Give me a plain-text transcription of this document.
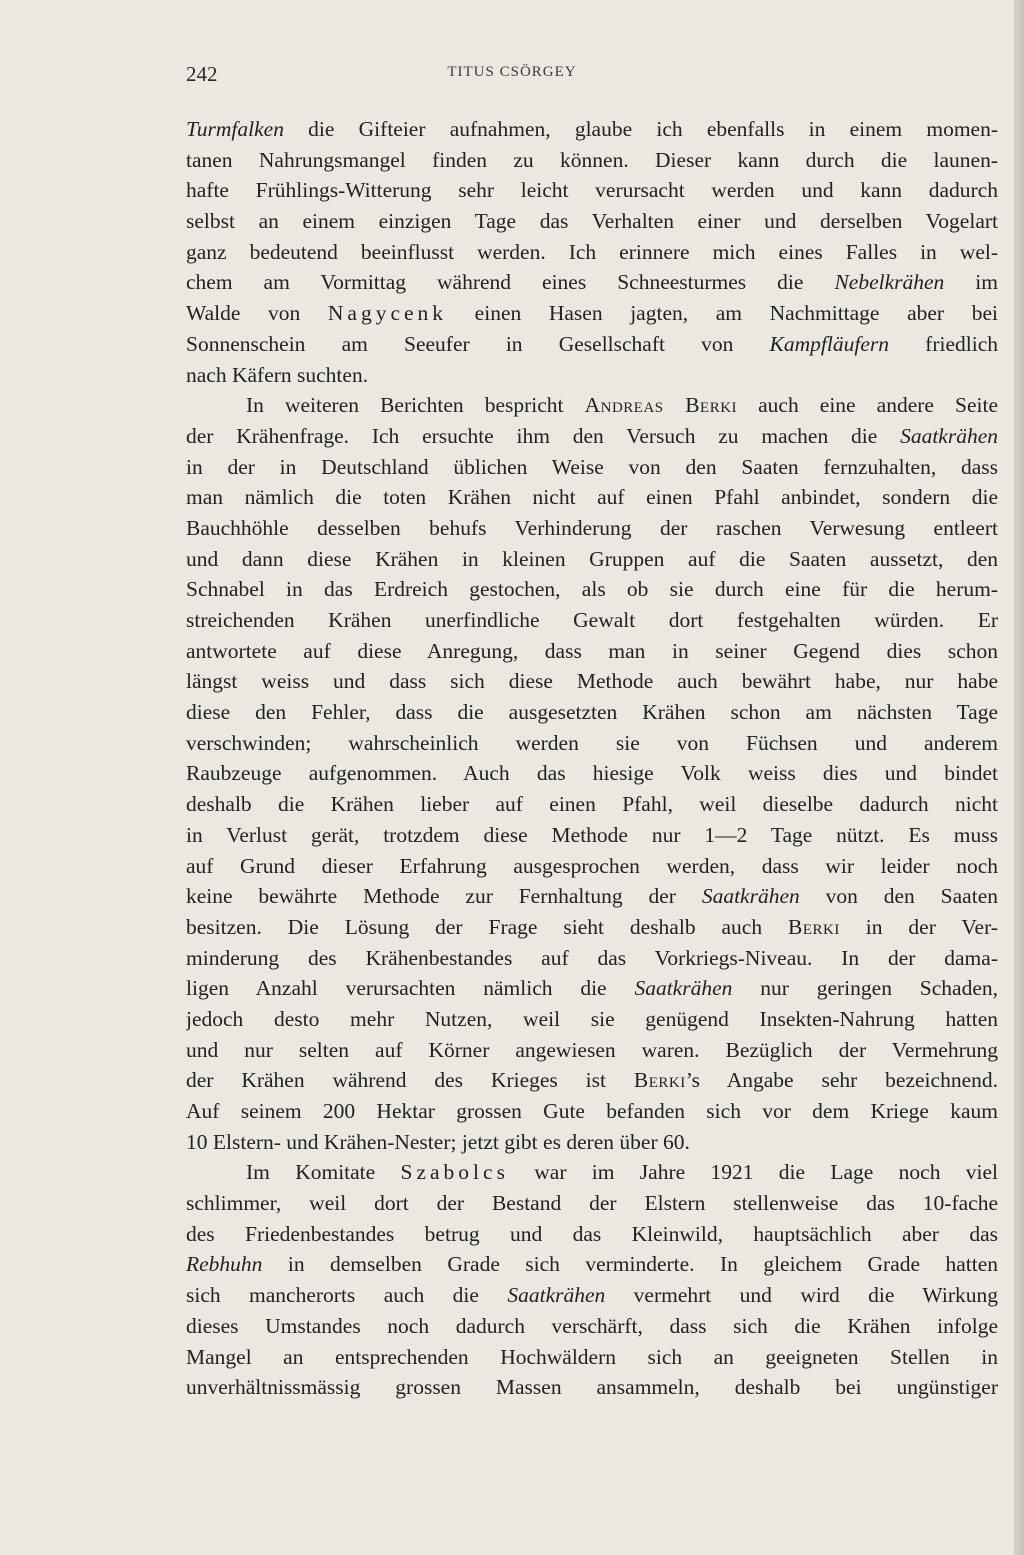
242	TITUS CSÖRGEY
Turmfalken die Gifteier aufnahmen, glaube ich ebenfalls in einem momen-
tanen Nahrungsmangel finden zu können. Dieser kann durch die launen-
hafte Frühlings-Witterung sehr leicht verursacht werden und kann dadurch
selbst an einem einzigen Tage das Verhalten einer und derselben Vogelart
ganz bedeutend beeinflusst werden. Ich erinnere mich eines Falles in wel-
chem am Vormittag während eines Schneesturmes die Nebelkrähen im
Walde von Nagycenk einen Hasen jagten, am Nachmittage aber bei
Sonnenschein am Seeufer in Gesellschaft von Kampfläufern friedlich
nach Käfern suchten.
In weiteren Berichten bespricht Andreas Berki auch eine andere Seite
der Krähenfrage. Ich ersuchte ihm den Versuch zu machen die Saatkrähen
in der in Deutschland üblichen Weise von den Saaten fernzuhalten, dass
man nämlich die toten Krähen nicht auf einen Pfahl anbindet, sondern die
Bauchhöhle desselben behufs Verhinderung der raschen Verwesung entleert
und dann diese Krähen in kleinen Gruppen auf die Saaten aussetzt, den
Schnabel in das Erdreich gestochen, als ob sie durch eine für die herum-
streichenden Krähen unerfindliche Gewalt dort festgehalten würden. Er
antwortete auf diese Anregung, dass man in seiner Gegend dies schon
längst weiss und dass sich diese Methode auch bewährt habe, nur habe
diese den Fehler, dass die ausgesetzten Krähen schon am nächsten Tage
verschwinden; wahrscheinlich werden sie von Füchsen und anderem
Raubzeuge aufgenommen. Auch das hiesige Volk weiss dies und bindet
deshalb die Krähen lieber auf einen Pfahl, weil dieselbe dadurch nicht
in Verlust gerät, trotzdem diese Methode nur 1—2 Tage nützt. Es muss
auf Grund dieser Erfahrung ausgesprochen werden, dass wir leider noch
keine bewährte Methode zur Fernhaltung der Saatkrähen von den Saaten
besitzen. Die Lösung der Frage sieht deshalb auch Berki in der Ver-
minderung des Krähenbestandes auf das Vorkriegs-Niveau. In der dama-
ligen Anzahl verursachten nämlich die Saatkrähen nur geringen Schaden,
jedoch desto mehr Nutzen, weil sie genügend Insekten-Nahrung hatten
und nur selten auf Körner angewiesen waren. Bezüglich der Vermehrung
der Krähen während des Krieges ist Berki’s Angabe sehr bezeichnend.
Auf seinem 200 Hektar grossen Gute befanden sich vor dem Kriege kaum
10 Elstern- und Krähen-Nester; jetzt gibt es deren über 60.
Im Komitate Szabolcs war im Jahre 1921 die Lage noch viel
schlimmer, weil dort der Bestand der Elstern stellenweise das 10-fache
des Friedenbestandes betrug und das Kleinwild, hauptsächlich aber das
Rebhuhn in demselben Grade sich verminderte. In gleichem Grade hatten
sich mancherorts auch die Saatkrähen vermehrt und wird die Wirkung
dieses Umstandes noch dadurch verschärft, dass sich die Krähen infolge
Mangel an entsprechenden Hochwäldern sich an geeigneten Stellen in
unverhältnissmässig grossen Massen ansammeln, deshalb bei ungünstiger
